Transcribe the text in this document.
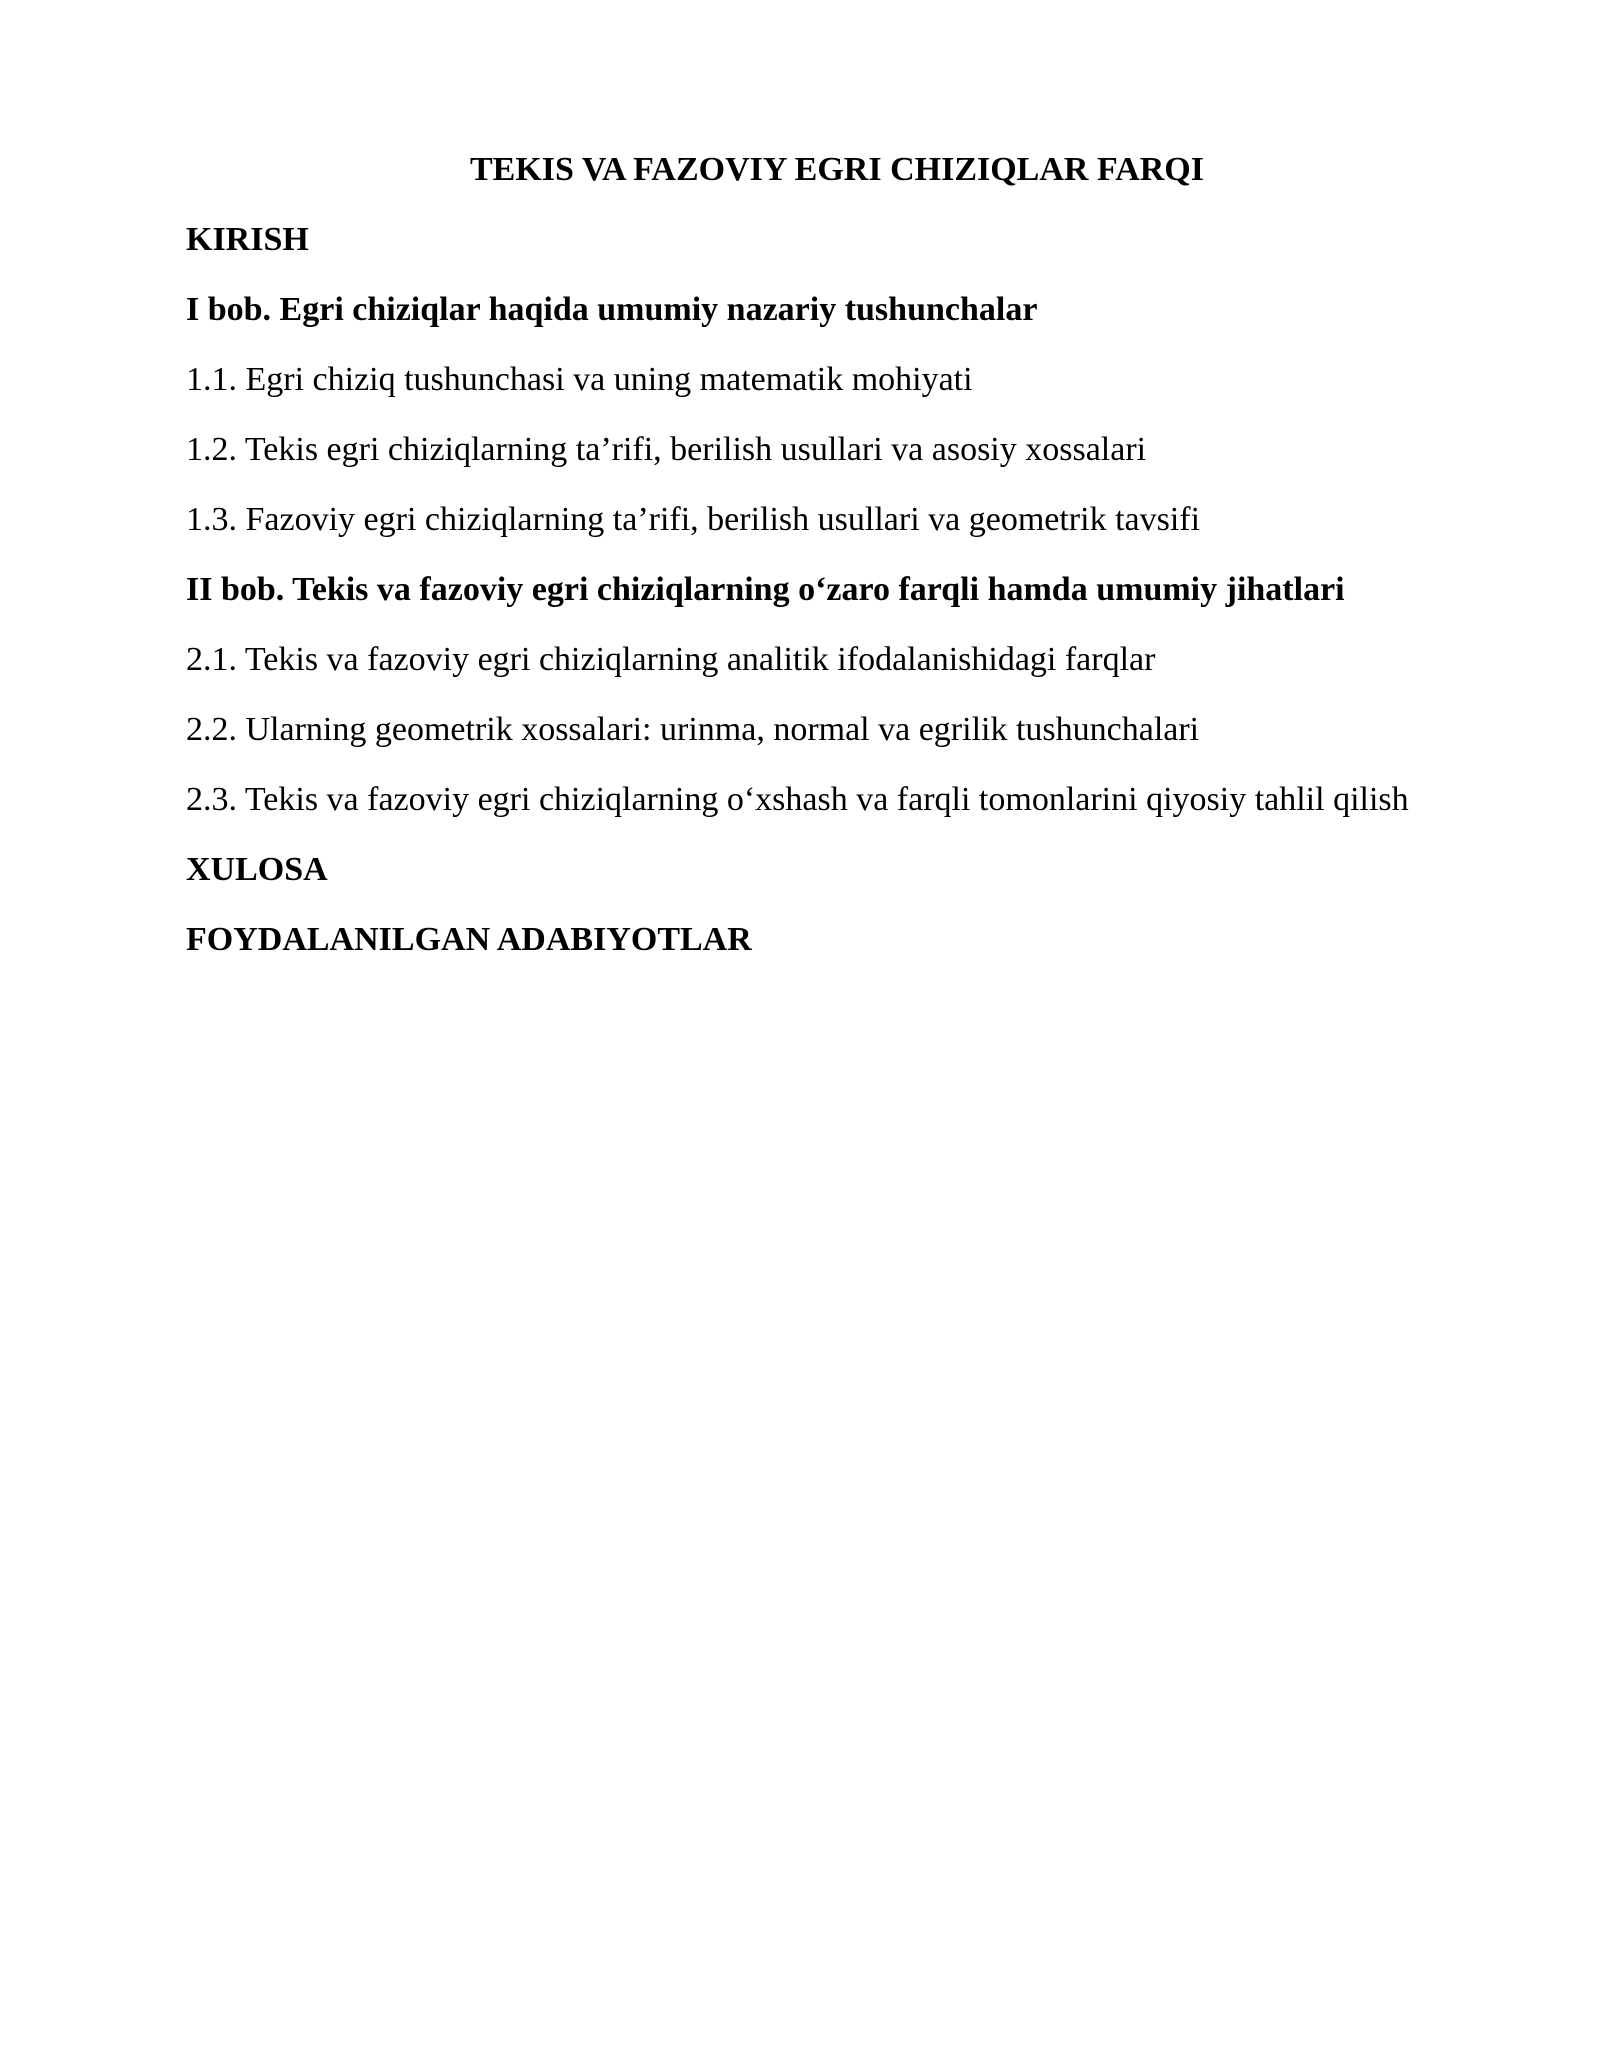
TEKIS VA FAZOVIY EGRI CHIZIQLAR FARQI
KIRISH
I bob. Egri chiziqlar haqida umumiy nazariy tushunchalar
1.1. Egri chiziq tushunchasi va uning matematik mohiyati
1.2. Tekis egri chiziqlarning ta’rifi, berilish usullari va asosiy xossalari
1.3. Fazoviy egri chiziqlarning ta’rifi, berilish usullari va geometrik tavsifi
II bob. Tekis va fazoviy egri chiziqlarning o‘zaro farqli hamda umumiy jihatlari
2.1. Tekis va fazoviy egri chiziqlarning analitik ifodalanishidagi farqlar
2.2. Ularning geometrik xossalari: urinma, normal va egrilik tushunchalari
2.3. Tekis va fazoviy egri chiziqlarning o‘xshash va farqli tomonlarini qiyosiy tahlil qilish
XULOSA
FOYDALANILGAN ADABIYOTLAR
